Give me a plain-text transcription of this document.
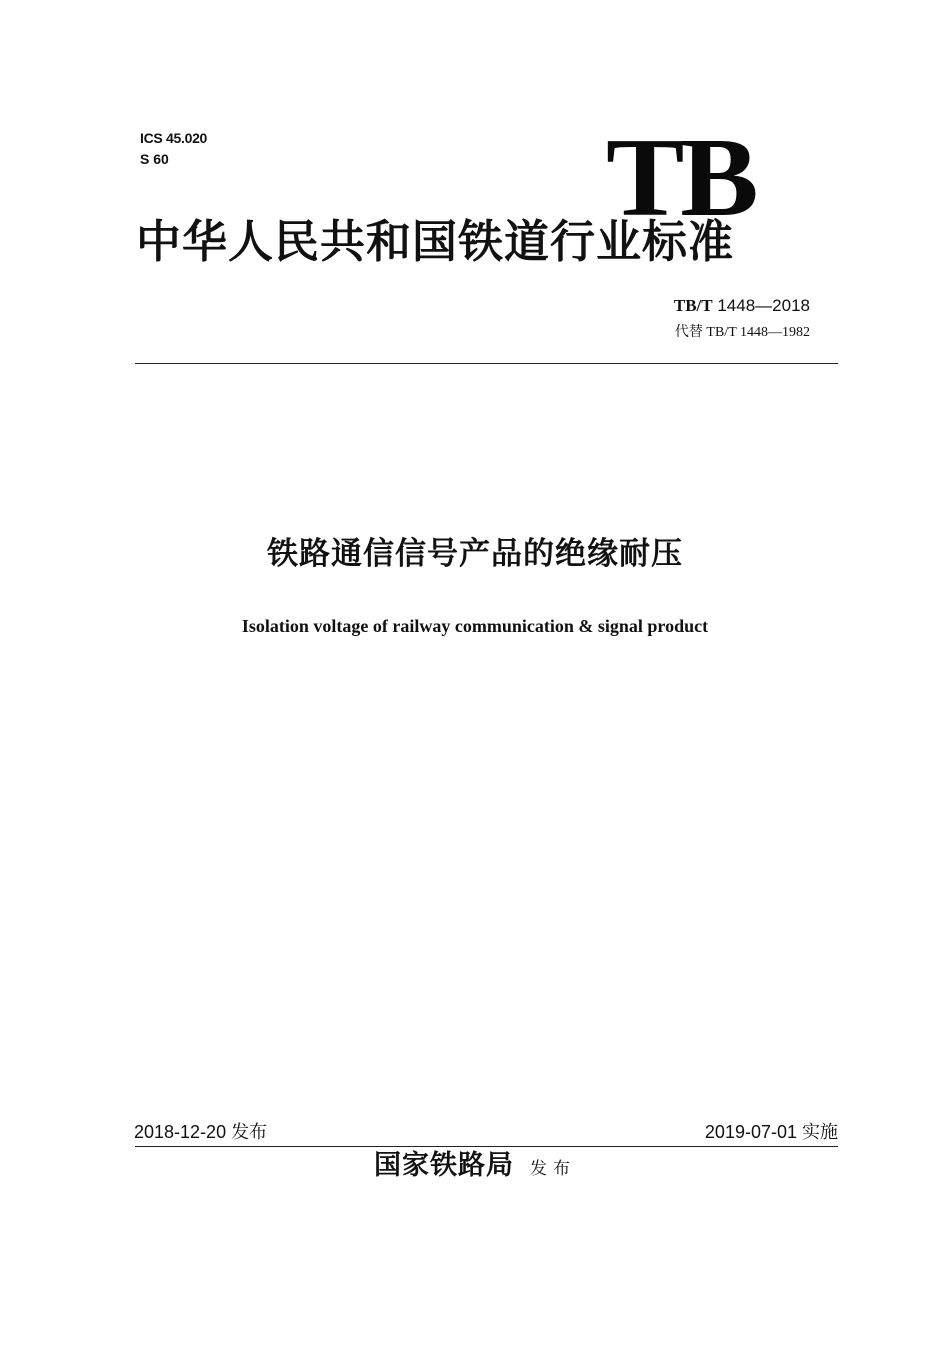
ICS 45.020
S 60	TB
中华人民共和国铁道行业标准
TB/T 1448—2018
代替 TB/T 1448—1982
铁路通信信号产品的绝缘耐压
Isolation voltage of railway communication & signal product
2018-12-20 发布	2019-07-01 实施
国家铁路局 发布
